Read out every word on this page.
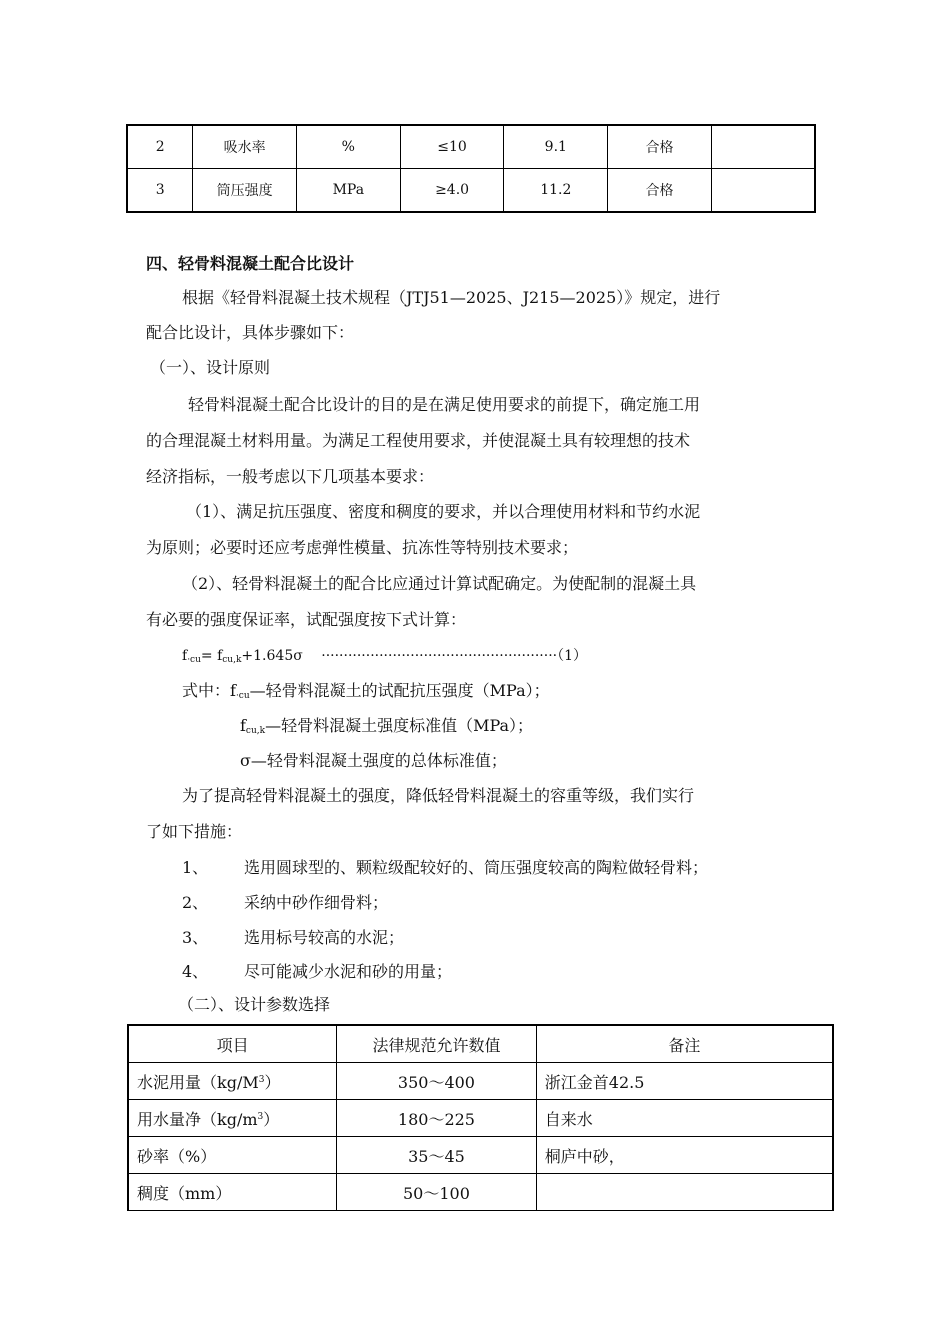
2	吸水率	%	≤10	9.1	合格	
3	筒压强度	MPa	≥4.0	11.2	合格	
四、轻骨料混凝土配合比设计
根据《轻骨料混凝土技术规程（JTJ51—2025、J215—2025）》规定，进行
配合比设计，具体步骤如下：
（一）、设计原则
轻骨料混凝土配合比设计的目的是在满足使用要求的前提下，确定施工用
的合理混凝土材料用量。为满足工程使用要求，并使混凝土具有较理想的技术
经济指标，一般考虑以下几项基本要求：
（1）、满足抗压强度、密度和稠度的要求，并以合理使用材料和节约水泥
为原则；必要时还应考虑弹性模量、抗冻性等特别技术要求；
（2）、轻骨料混凝土的配合比应通过计算试配确定。为使配制的混凝土具
有必要的强度保证率，试配强度按下式计算：
$f_{\cdot cu}= f_{cu,k}+1.645\sigma \cdot\cdot\cdot\cdot\cdot\cdot\cdot\cdot\cdot\cdot\cdot\cdot\cdot\cdot\cdot\cdot\cdot\cdot\cdot\cdot\cdot\cdot\cdot\cdot\cdot\cdot\cdot\cdot\cdot\cdot\cdot\cdot\cdot\cdot\cdot\cdot\cdot\cdot\cdot\cdot\cdot\cdot\cdot\cdot\cdot\cdot\cdot\cdot\cdot\cdot\cdot\cdot\cdot(1)$
式中：$f_{\cdot cu}—$轻骨料混凝土的试配抗压强度（MPa）；
$f_{cu,k}—$轻骨料混凝土强度标准值（MPa）；
σ—轻骨料混凝土强度的总体标准值；
为了提高轻骨料混凝土的强度，降低轻骨料混凝土的容重等级，我们实行
了如下措施：
1、 选用圆球型的、颗粒级配较好的、筒压强度较高的陶粒做轻骨料；
2、 采纳中砂作细骨料；
3、 选用标号较高的水泥；
4、 尽可能减少水泥和砂的用量；
（二）、设计参数选择
项目	法律规范允许数值	备注
水泥用量$(kg/M^3)$	350～400	浙江金首42.5
用水量净$(kg/m^3)$	180～225	自来水
砂率（%）	35～45	桐庐中砂，
稠度（mm）	50～100	
